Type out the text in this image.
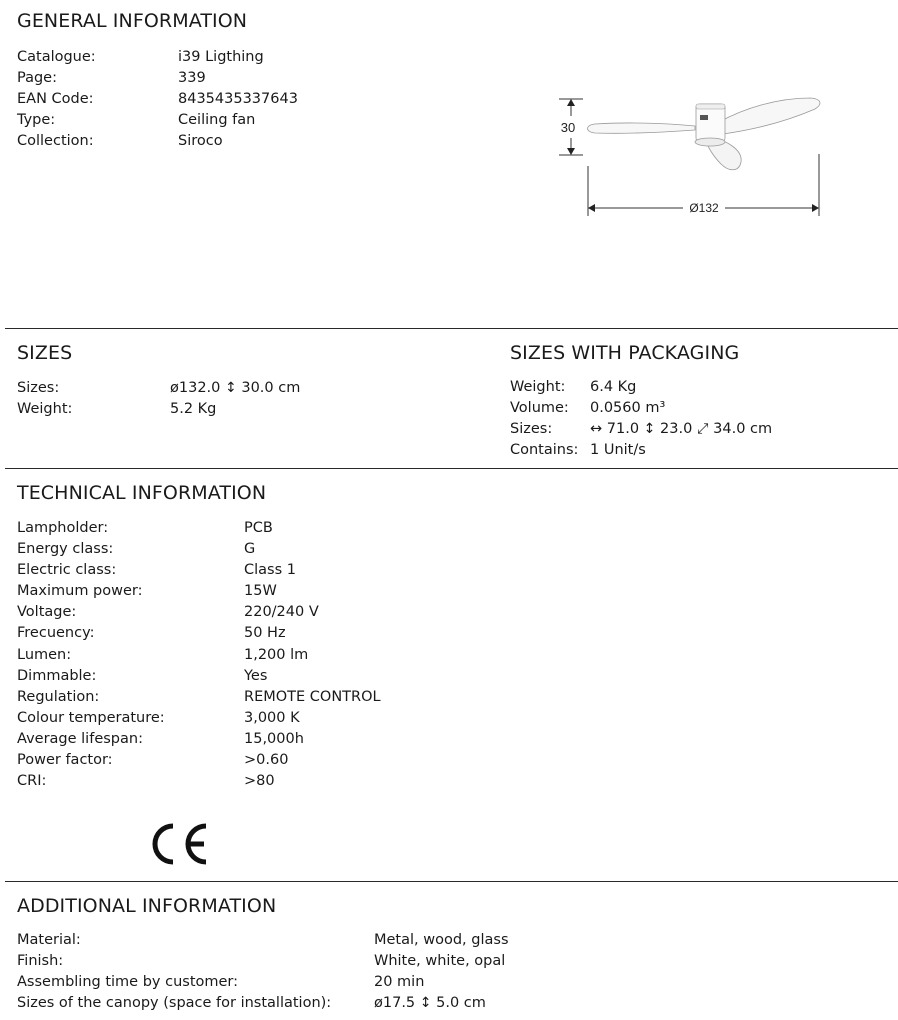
GENERAL INFORMATION
Catalogue:	i39 Ligthing
Page:	339
EAN Code:	8435435337643
Type:	Ceiling fan
Collection:	Siroco
30
Ø132
SIZES
Sizes:	ø132.0 ↕ 30.0 cm
Weight:	5.2 Kg
SIZES WITH PACKAGING
Weight: 6.4 Kg
Volume: 0.0560 m³
Sizes:	↔ 71.0 ↕ 23.0 ⤢ 34.0 cm
Contains: 1 Unit/s
TECHNICAL INFORMATION
Lampholder:	PCB
Energy class:	G
Electric class:	Class 1
Maximum power:	15W
Voltage:	220/240 V
Frecuency:	50 Hz
Lumen:	1,200 lm
Dimmable:	Yes
Regulation:	REMOTE CONTROL
Colour temperature:	3,000 K
Average lifespan:	15,000h
Power factor:	>0.60
CRI:	>80
ADDITIONAL INFORMATION
Material:	Metal, wood, glass
Finish:	White, white, opal
Assembling time by customer:	20 min
Sizes of the canopy (space for installation):	ø17.5 ↕ 5.0 cm
